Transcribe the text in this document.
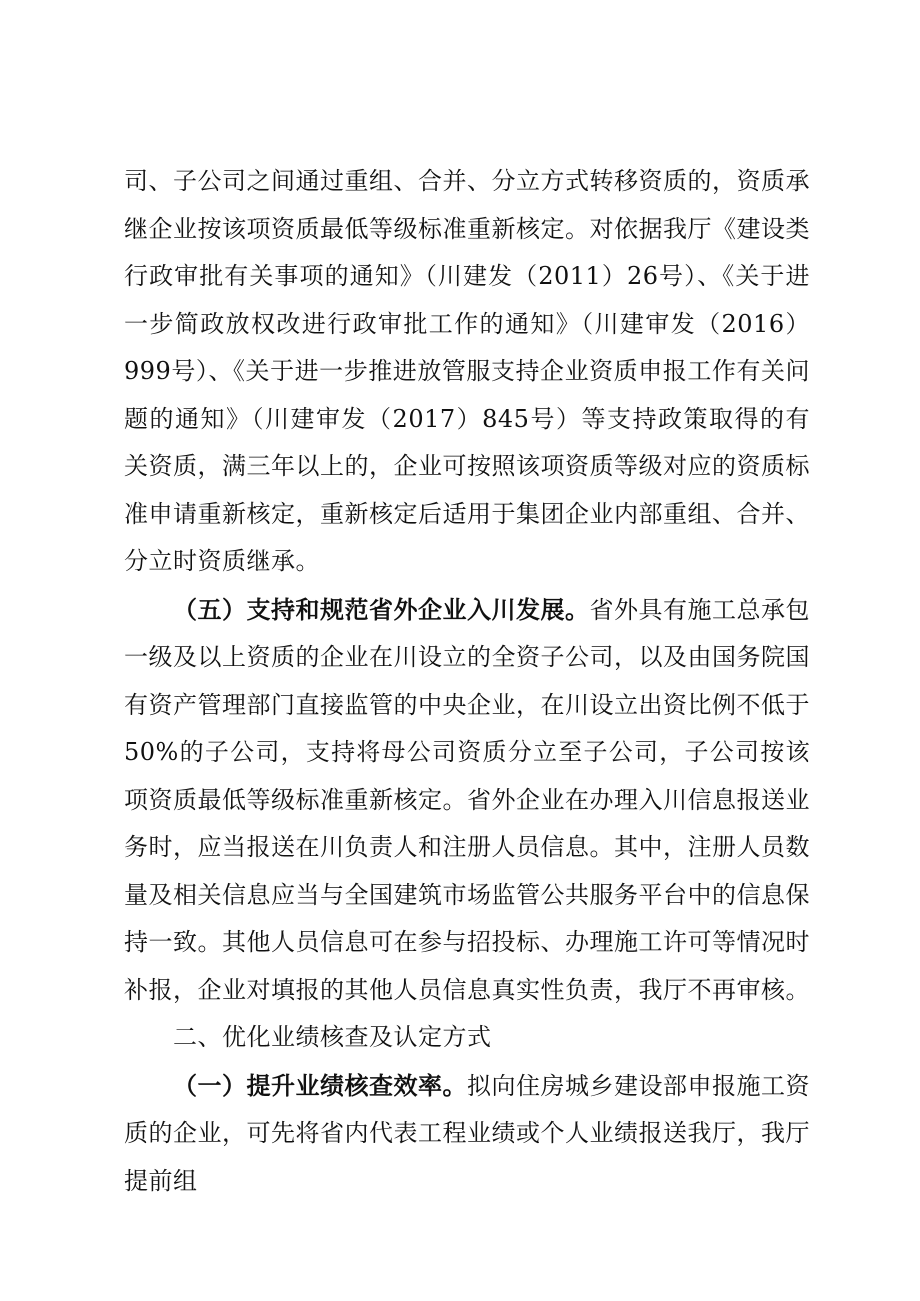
司、子公司之间通过重组、合并、分立方式转移资质的，资质承继企业按该项资质最低等级标准重新核定。对依据我厅《建设类行政审批有关事项的通知》（川建发（2011）26号）、《关于进一步简政放权改进行政审批工作的通知》（川建审发（2016）999号）、《关于进一步推进放管服支持企业资质申报工作有关问题的通知》（川建审发（2017）845号）等支持政策取得的有关资质，满三年以上的，企业可按照该项资质等级对应的资质标准申请重新核定，重新核定后适用于集团企业内部重组、合并、分立时资质继承。

（五）支持和规范省外企业入川发展。省外具有施工总承包一级及以上资质的企业在川设立的全资子公司，以及由国务院国有资产管理部门直接监管的中央企业，在川设立出资比例不低于50%的子公司，支持将母公司资质分立至子公司，子公司按该项资质最低等级标准重新核定。省外企业在办理入川信息报送业务时，应当报送在川负责人和注册人员信息。其中，注册人员数量及相关信息应当与全国建筑市场监管公共服务平台中的信息保持一致。其他人员信息可在参与招投标、办理施工许可等情况时补报，企业对填报的其他人员信息真实性负责，我厅不再审核。

二、优化业绩核查及认定方式

（一）提升业绩核查效率。拟向住房城乡建设部申报施工资质的企业，可先将省内代表工程业绩或个人业绩报送我厅，我厅提前组
